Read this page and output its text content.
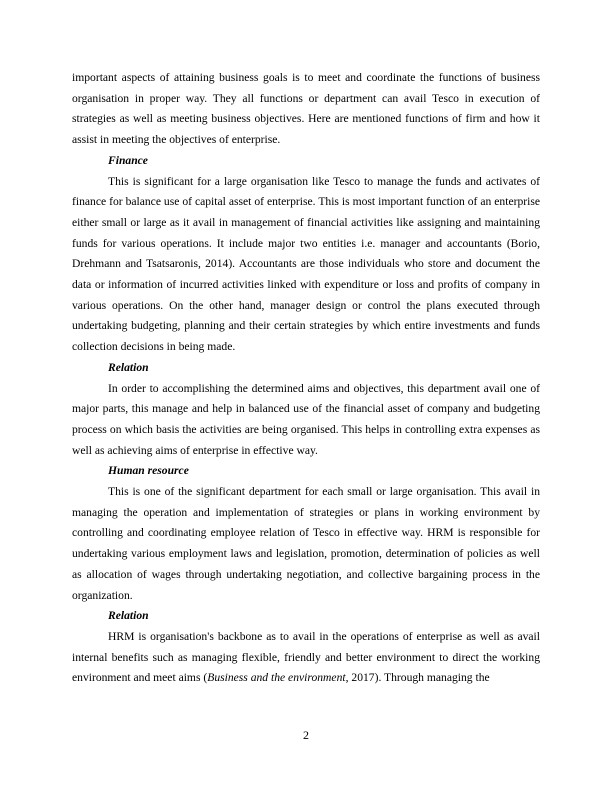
important aspects of attaining business goals is to meet and coordinate the functions of business organisation in proper way. They all functions or department can avail Tesco in execution of strategies as well as meeting business objectives. Here are mentioned functions of firm and how it assist in meeting the objectives of enterprise.

Finance

This is significant for a large organisation like Tesco to manage the funds and activates of finance for balance use of capital asset of enterprise. This is most important function of an enterprise either small or large as it avail in management of financial activities like assigning and maintaining funds for various operations. It include major two entities i.e. manager and accountants (Borio, Drehmann and Tsatsaronis, 2014). Accountants are those individuals who store and document the data or information of incurred activities linked with expenditure or loss and profits of company in various operations. On the other hand, manager design or control the plans executed through undertaking budgeting, planning and their certain strategies by which entire investments and funds collection decisions in being made.

Relation

In order to accomplishing the determined aims and objectives, this department avail one of major parts, this manage and help in balanced use of the financial asset of company and budgeting process on which basis the activities are being organised. This helps in controlling extra expenses as well as achieving aims of enterprise in effective way.

Human resource

This is one of the significant department for each small or large organisation. This avail in managing the operation and implementation of strategies or plans in working environment by controlling and coordinating employee relation of Tesco in effective way. HRM is responsible for undertaking various employment laws and legislation, promotion, determination of policies as well as allocation of wages through undertaking negotiation, and collective bargaining process in the organization.

Relation

HRM is organisation's backbone as to avail in the operations of enterprise as well as avail internal benefits such as managing flexible, friendly and better environment to direct the working environment and meet aims (Business and the environment, 2017). Through managing the

2
